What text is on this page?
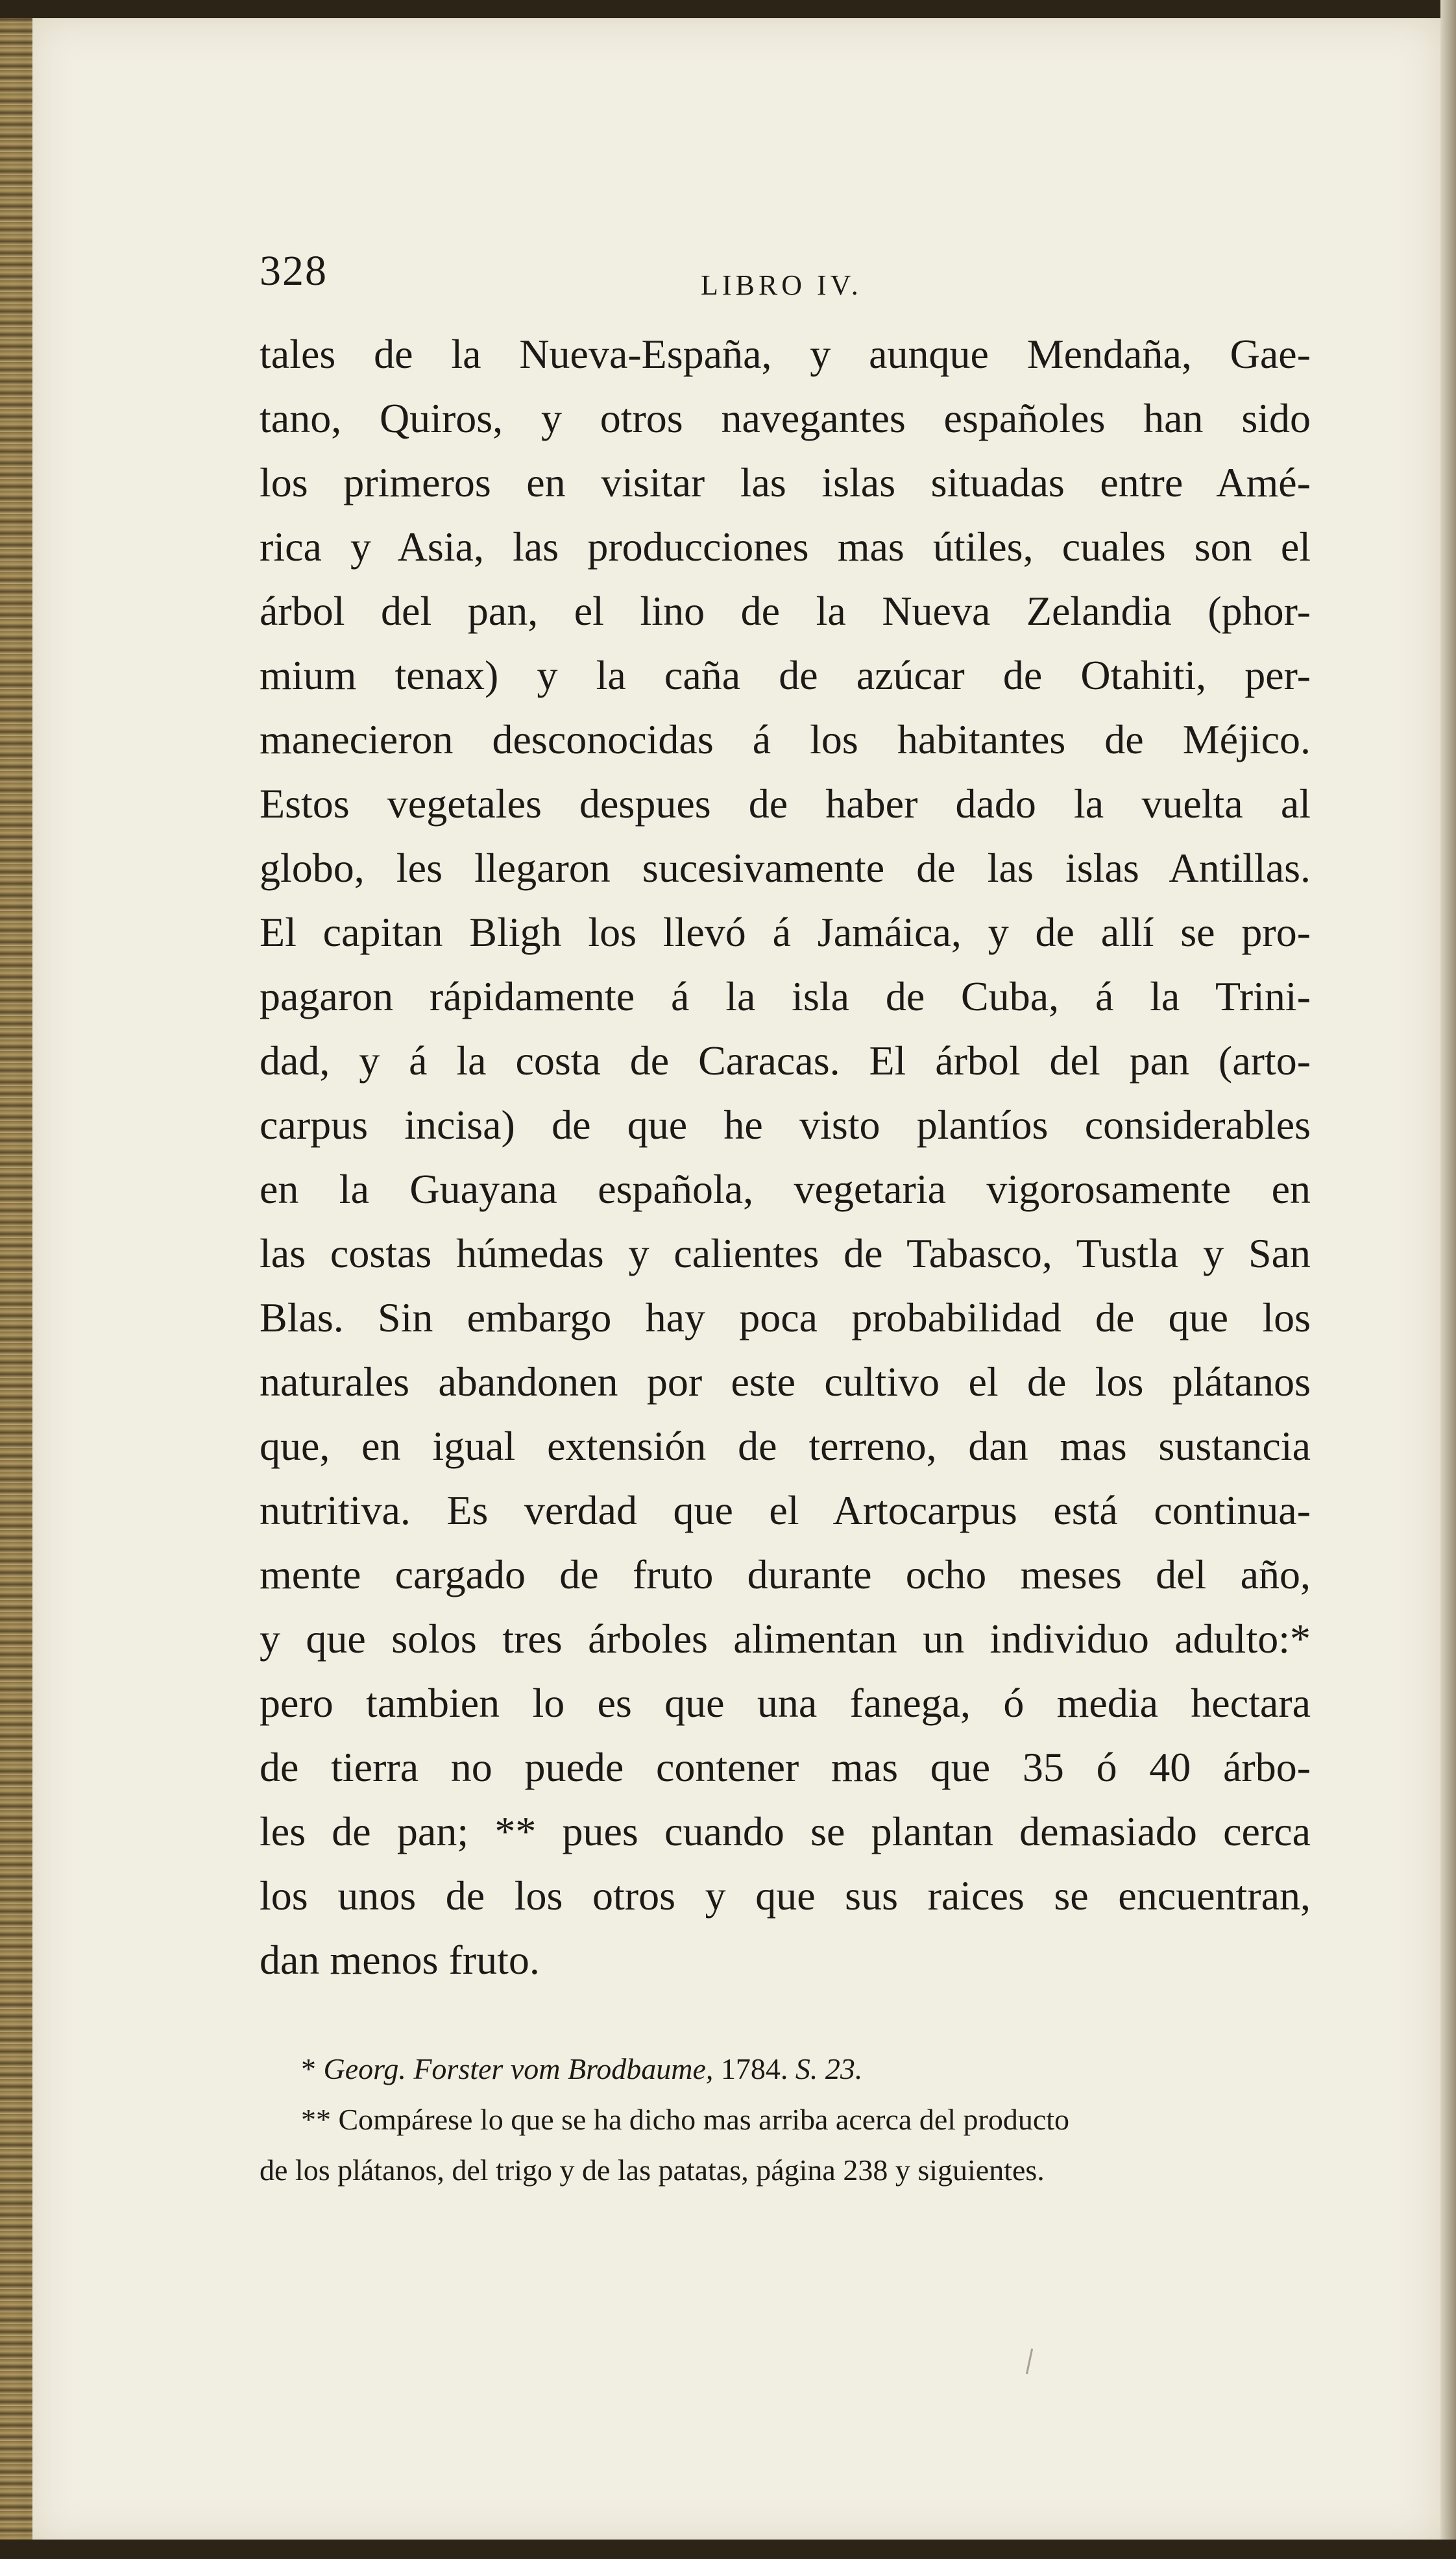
328	LIBRO IV.
tales de la Nueva-España, y aunque Mendaña, Gae-
tano, Quiros, y otros navegantes españoles han sido
los primeros en visitar las islas situadas entre Amé-
rica y Asia, las producciones mas útiles, cuales son el
árbol del pan, el lino de la Nueva Zelandia (phor-
mium tenax) y la caña de azúcar de Otahiti, per-
manecieron desconocidas á los habitantes de Méjico.
Estos vegetales despues de haber dado la vuelta al
globo, les llegaron sucesivamente de las islas Antillas.
El capitan Bligh los llevó á Jamáica, y de allí se pro-
pagaron rápidamente á la isla de Cuba, á la Trini-
dad, y á la costa de Caracas. El árbol del pan (arto-
carpus incisa) de que he visto plantíos considerables
en la Guayana española, vegetaria vigorosamente en
las costas húmedas y calientes de Tabasco, Tustla y San
Blas. Sin embargo hay poca probabilidad de que los
naturales abandonen por este cultivo el de los plátanos
que, en igual extensión de terreno, dan mas sustancia
nutritiva. Es verdad que el Artocarpus está continua-
mente cargado de fruto durante ocho meses del año,
y que solos tres árboles alimentan un individuo adulto:*
pero tambien lo es que una fanega, ó media hectara
de tierra no puede contener mas que 35 ó 40 árbo-
les de pan; ** pues cuando se plantan demasiado cerca
los unos de los otros y que sus raices se encuentran,
dan menos fruto.
* Georg. Forster vom Brodbaume, 1784. S. 23.
** Compárese lo que se ha dicho mas arriba acerca del producto
de los plátanos, del trigo y de las patatas, página 238 y siguientes.
